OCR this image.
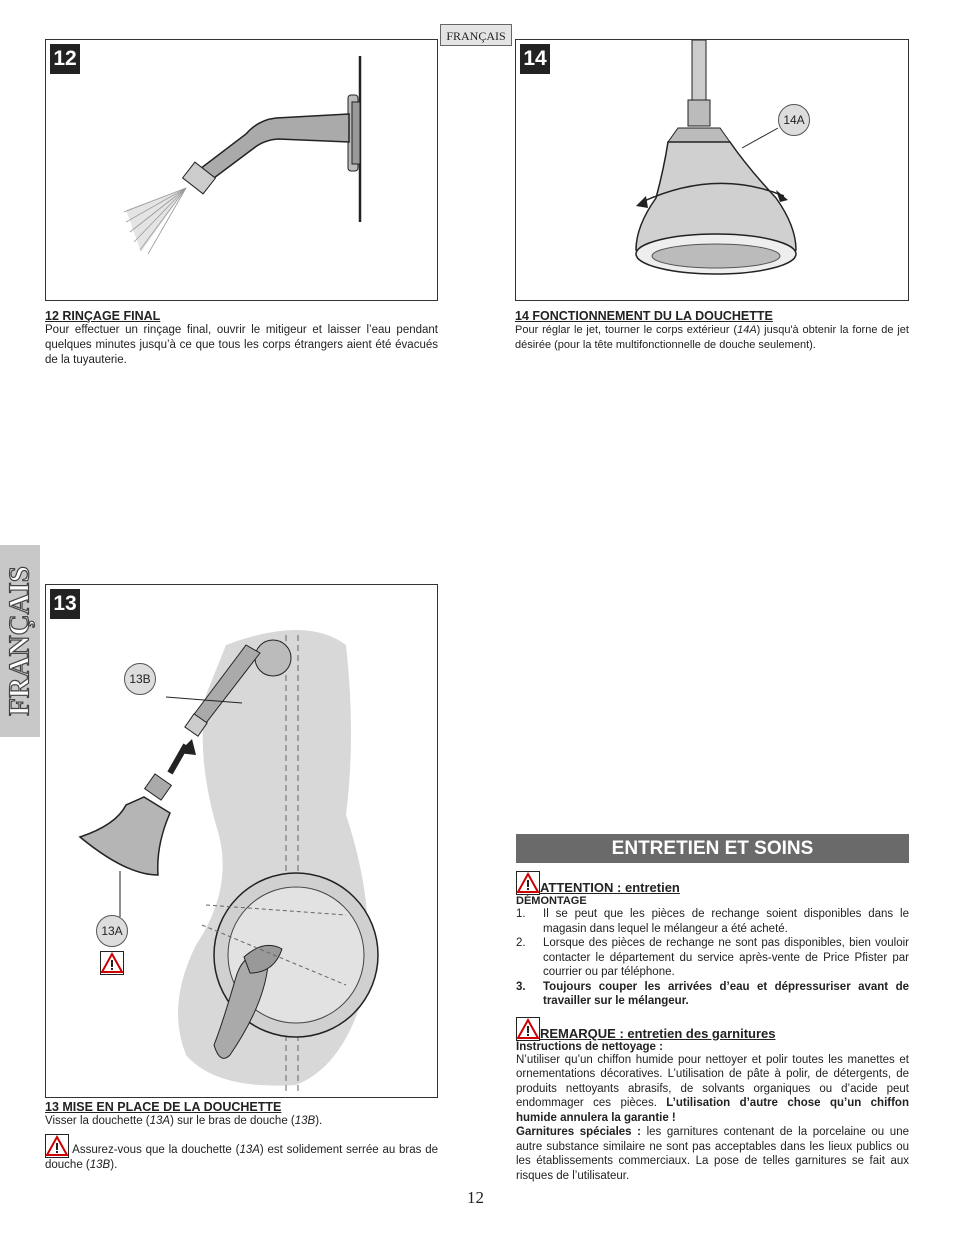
FRANÇAIS
FRANÇAIS
12
12 RINÇAGE FINAL
Pour effectuer un rinçage final, ouvrir le mitigeur et laisser l’eau pendant quelques minutes jusqu’à ce que tous les corps étrangers aient été évacués de la tuyauterie.
14
14A
14 FONCTIONNEMENT DU LA DOUCHETTE
Pour réglar le jet, tourner le corps extérieur (14A) jusqu'à obtenir la forne de jet désirée (pour la tête multifonctionnelle de douche seulement).
13
13B
13A
13 MISE EN PLACE DE LA DOUCHETTE
Visser la douchette (13A) sur le bras de douche (13B).
Assurez-vous que la douchette (13A) est solidement serrée au bras de douche (13B).
ENTRETIEN ET SOINS
ATTENTION : entretien
DÉMONTAGE
1.	Il se peut que les pièces de rechange soient disponibles dans le magasin dans lequel le mélangeur a été acheté.
2.	Lorsque des pièces de rechange ne sont pas disponibles, bien vouloir contacter le département du service après-vente de Price Pfister par courrier ou par téléphone.
3.	Toujours couper les arrivées d’eau et dépressuriser avant de travailler sur le mélangeur.
REMARQUE : entretien des garnitures
Instructions de nettoyage :
N’utiliser qu’un chiffon humide pour nettoyer et polir toutes les manettes et ornementations décoratives. L’utilisation de pâte à polir, de détergents, de produits nettoyants abrasifs, de solvants organiques ou d’acide peut endommager ces pièces. L’utilisation d’autre chose qu’un chiffon humide annulera la garantie !
Garnitures spéciales : les garnitures contenant de la porcelaine ou une autre substance similaire ne sont pas acceptables dans les lieux publics ou les établissements commerciaux. La pose de telles garnitures se fait aux risques de l’utilisateur.
12
